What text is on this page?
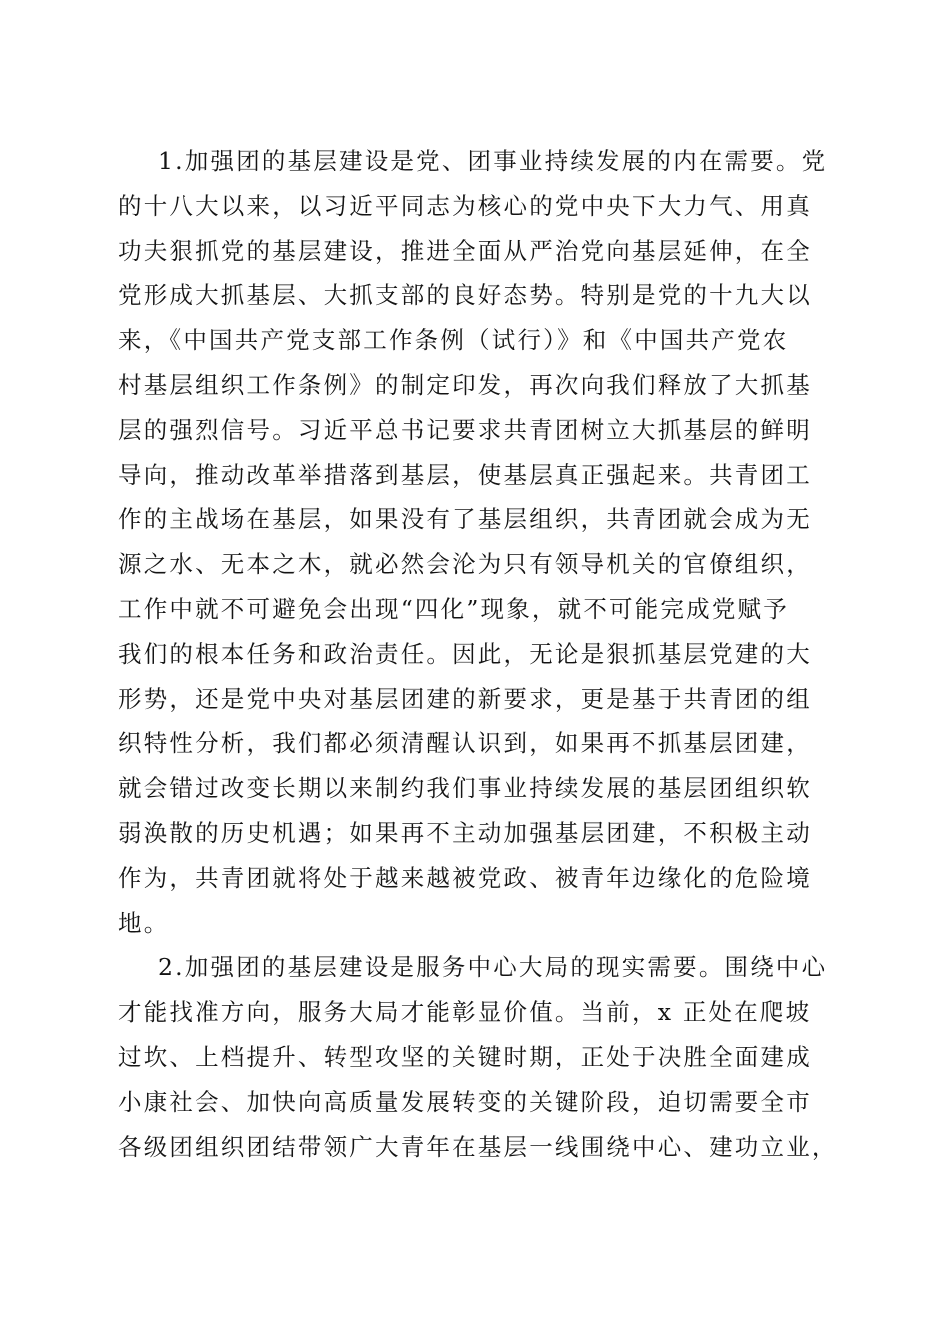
1.加强团的基层建设是党、团事业持续发展的内在需要。党
的十八大以来，以习近平同志为核心的党中央下大力气、用真
功夫狠抓党的基层建设，推进全面从严治党向基层延伸，在全
党形成大抓基层、大抓支部的良好态势。特别是党的十九大以
来，《中国共产党支部工作条例（试行）》和《中国共产党农
村基层组织工作条例》的制定印发，再次向我们释放了大抓基
层的强烈信号。习近平总书记要求共青团树立大抓基层的鲜明
导向，推动改革举措落到基层，使基层真正强起来。共青团工
作的主战场在基层，如果没有了基层组织，共青团就会成为无
源之水、无本之木，就必然会沦为只有领导机关的官僚组织，
工作中就不可避免会出现“四化”现象，就不可能完成党赋予
我们的根本任务和政治责任。因此，无论是狠抓基层党建的大
形势，还是党中央对基层团建的新要求，更是基于共青团的组
织特性分析，我们都必须清醒认识到，如果再不抓基层团建，
就会错过改变长期以来制约我们事业持续发展的基层团组织软
弱涣散的历史机遇；如果再不主动加强基层团建，不积极主动
作为，共青团就将处于越来越被党政、被青年边缘化的危险境
地。
2.加强团的基层建设是服务中心大局的现实需要。围绕中心
才能找准方向，服务大局才能彰显价值。当前，x 正处在爬坡
过坎、上档提升、转型攻坚的关键时期，正处于决胜全面建成
小康社会、加快向高质量发展转变的关键阶段，迫切需要全市
各级团组织团结带领广大青年在基层一线围绕中心、建功立业，
